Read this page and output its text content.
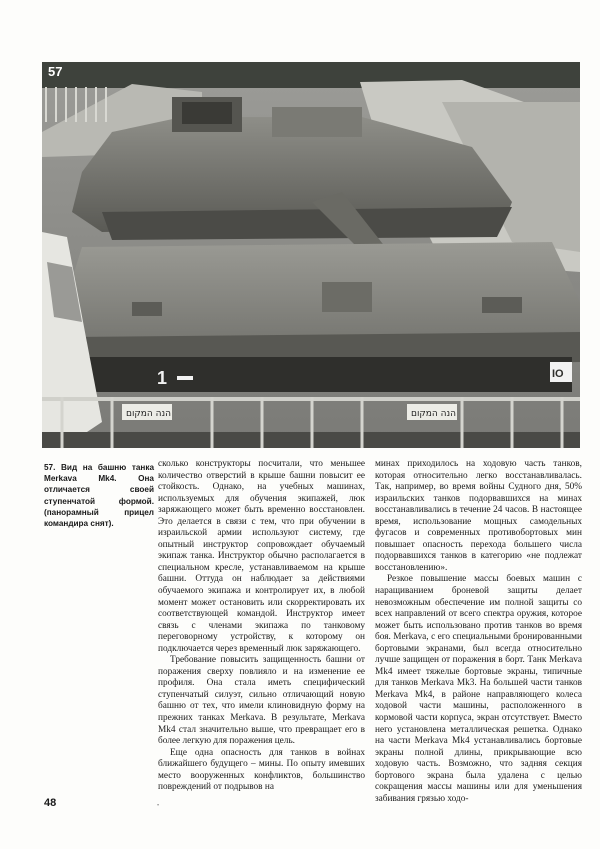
1	IO
הנה המקום	הנה המקום
57
57. Вид на башню танка Merkava Mk4. Она отличается своей ступенчатой формой. (панорамный прицел командира снят).

сколько конструкторы посчитали, что меньшее количество отверстий в крыше башни повысит ее стойкость. Однако, на учебных машинах, используемых для обучения экипажей, люк заряжающего может быть временно восстановлен. Это делается в связи с тем, что при обучении в израильской армии используют систему, где опытный инструктор сопровождает обучаемый экипаж танка. Инструктор обычно располагается в специальном кресле, устанавливаемом на крыше башни. Оттуда он наблюдает за действиями обучаемого экипажа и контролирует их, в любой момент может остановить или скорректировать их соответствующей командой. Инструктор имеет связь с членами экипажа по танковому переговорному устройству, к которому он подключается через временный люк заряжающего.

Требование повысить защищенность башни от поражения сверху повлияло и на изменение ее профиля. Она стала иметь специфический ступенчатый силуэт, сильно отличающий новую башню от тех, что имели клиновидную форму на прежних танках Merkava. В результате, Merkava Mk4 стал значительно выше, что превращает его в более легкую для поражения цель.

Еще одна опасность для танков в войнах ближайшего будущего – мины. По опыту имевших место вооруженных конфликтов, большинство повреждений от подрывов на

минах приходилось на ходовую часть танков, которая относительно легко восстанавливалась. Так, например, во время войны Судного дня, 50% израильских танков подорвавшихся на минах восстанавливались в течение 24 часов. В настоящее время, использование мощных самодельных фугасов и современных противобортовых мин повышает опасность перехода большего числа подорвавшихся танков в категорию «не подлежат восстановлению».

Резкое повышение массы боевых машин с наращиванием броневой защиты делает невозможным обеспечение им полной защиты со всех направлений от всего спектра оружия, которое может быть использовано против танков во время боя. Merkava, с его специальными бронированными бортовыми экранами, был всегда относительно лучше защищен от поражения в борт. Танк Merkava Mk4 имеет тяжелые бортовые экраны, типичные для танков Merkava Mk3. На большей части танков Merkava Mk4, в районе направляющего колеса ходовой части машины, расположенного в кормовой части корпуса, экран отсутствует. Вместо него установлена металлическая решетка. Однако на части Merkava Mk4 устанавливались бортовые экраны полной длины, прикрывающие всю ходовую часть. Возможно, что задняя секция бортового экрана была удалена с целью сокращения массы машины или для уменьшения забивания грязью ходо-

48	•
